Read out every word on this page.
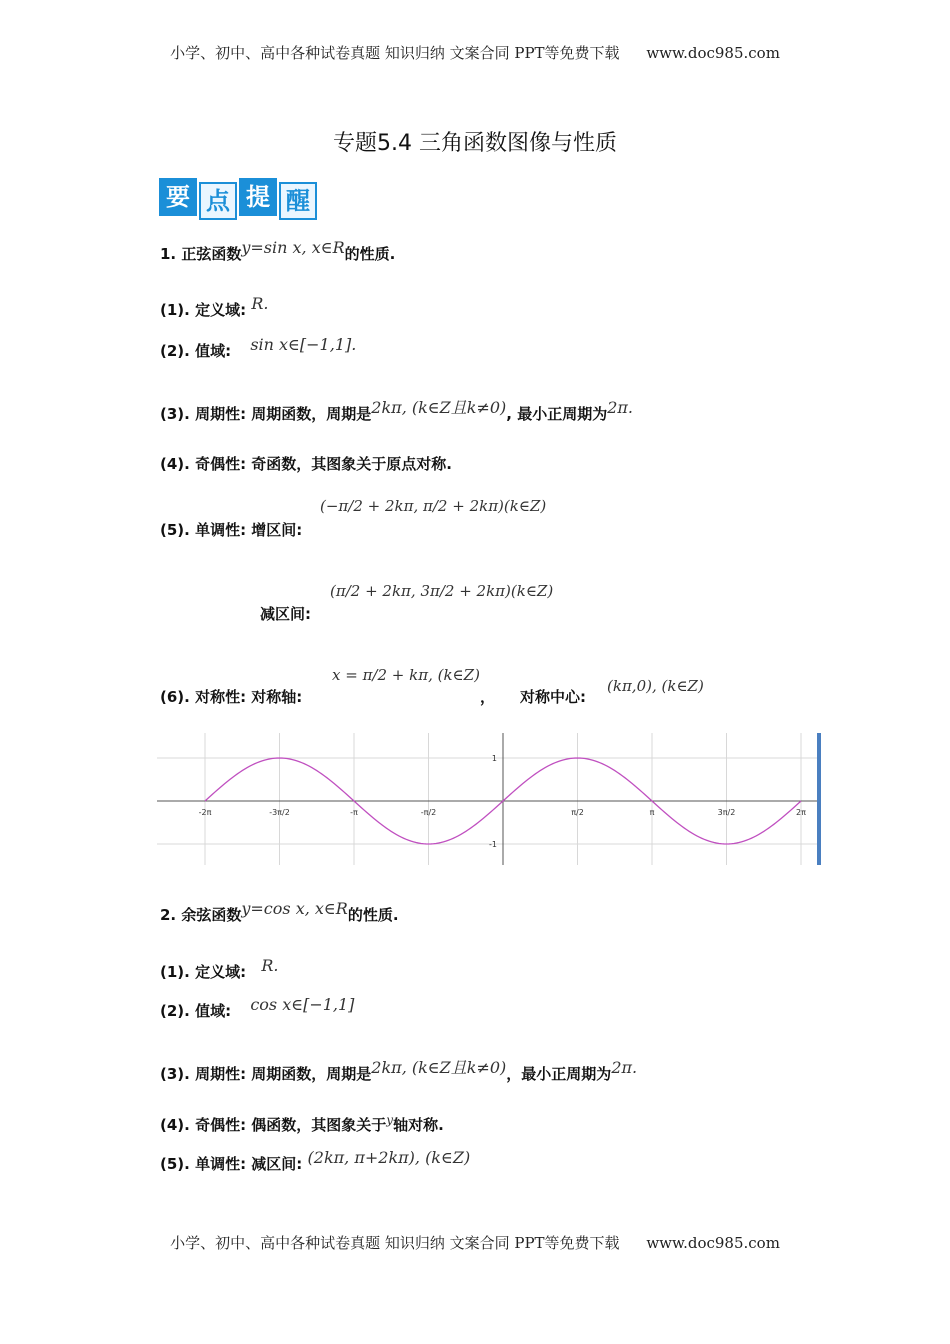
小学、初中、高中各种试卷真题 知识归纳 文案合同 PPT等免费下载 www.doc985.com
专题5.4 三角函数图像与性质
要 点 提 醒
1. 正弦函数y=sin x, x∈R的性质.
(1). 定义域: R.
(2). 值域: sin x∈[−1,1].
(3). 周期性: 周期函数，周期是2kπ, (k∈Z且k≠0), 最小正周期为2π.
(4). 奇偶性: 奇函数，其图象关于原点对称.
(5). 单调性: 增区间:
(−π/2 + 2kπ, π/2 + 2kπ)(k∈Z)
减区间:
(π/2 + 2kπ, 3π/2 + 2kπ)(k∈Z)
(6). 对称性: 对称轴:
x = π/2 + kπ, (k∈Z)
， 对称中心:
(kπ,0), (k∈Z)
-2π	-3π/2	-π	-π/2	π/2	π	3π/2	2π
1
-1
2. 余弦函数y=cos x, x∈R的性质.
(1). 定义域: R.
(2). 值域: cos x∈[−1,1]
(3). 周期性: 周期函数，周期是2kπ, (k∈Z且k≠0)，最小正周期为2π.
(4). 奇偶性: 偶函数，其图象关于$^y$轴对称.
(5). 单调性: 减区间: (2kπ, π+2kπ), (k∈Z)
小学、初中、高中各种试卷真题 知识归纳 文案合同 PPT等免费下载 www.doc985.com
